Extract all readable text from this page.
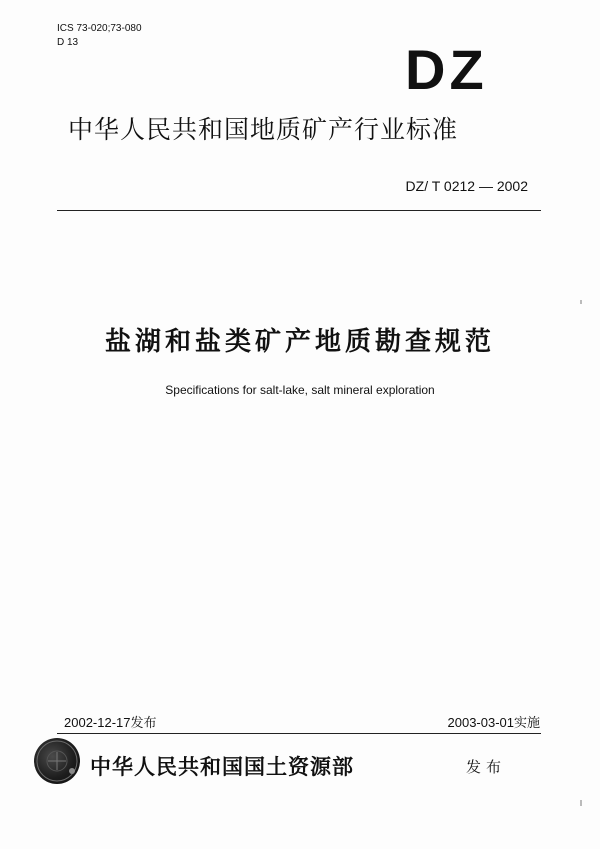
ICS 73-020;73-080
D 13	DZ
中华人民共和国地质矿产行业标准
DZ/ T 0212 — 2002
盐湖和盐类矿产地质勘查规范
Specifications for salt-lake, salt mineral exploration
2002-12-17发布	2003-03-01实施
中华人民共和国国土资源部	发布
